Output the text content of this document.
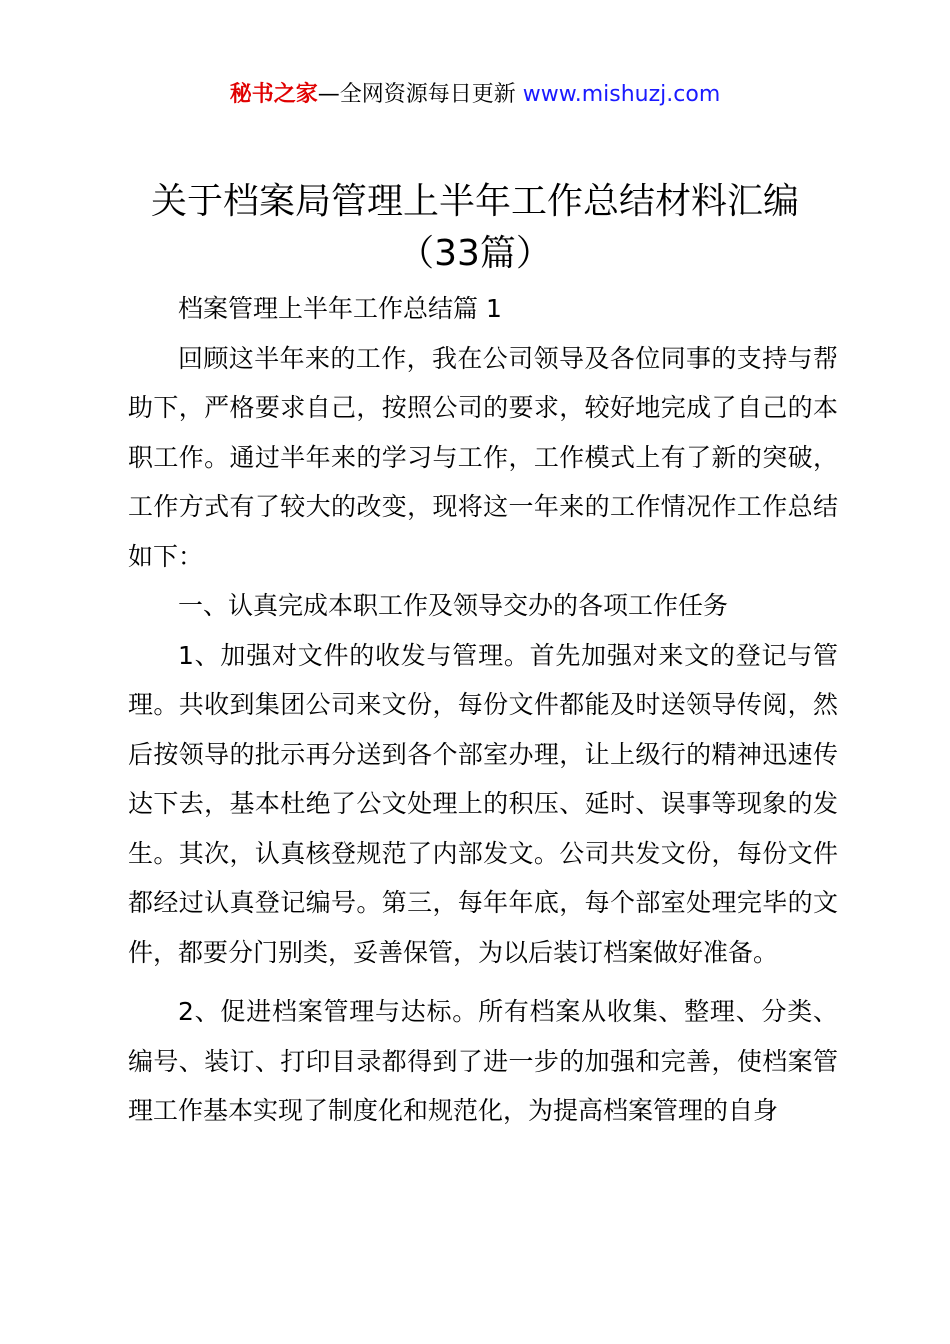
秘书之家—全网资源每日更新 www.mishuzj.com
关于档案局管理上半年工作总结材料汇编
（33篇）

档案管理上半年工作总结篇 1

回顾这半年来的工作，我在公司领导及各位同事的支持与帮助下，严格要求自己，按照公司的要求，较好地完成了自己的本职工作。通过半年来的学习与工作，工作模式上有了新的突破，工作方式有了较大的改变，现将这一年来的工作情况作工作总结如下：

一、认真完成本职工作及领导交办的各项工作任务

1、加强对文件的收发与管理。首先加强对来文的登记与管理。共收到集团公司来文份，每份文件都能及时送领导传阅，然后按领导的批示再分送到各个部室办理，让上级行的精神迅速传达下去，基本杜绝了公文处理上的积压、延时、误事等现象的发生。其次，认真核登规范了内部发文。公司共发文份，每份文件都经过认真登记编号。第三，每年年底，每个部室处理完毕的文件，都要分门别类，妥善保管，为以后装订档案做好准备。

2、促进档案管理与达标。所有档案从收集、整理、分类、编号、装订、打印目录都得到了进一步的加强和完善，使档案管理工作基本实现了制度化和规范化，为提高档案管理的自身
